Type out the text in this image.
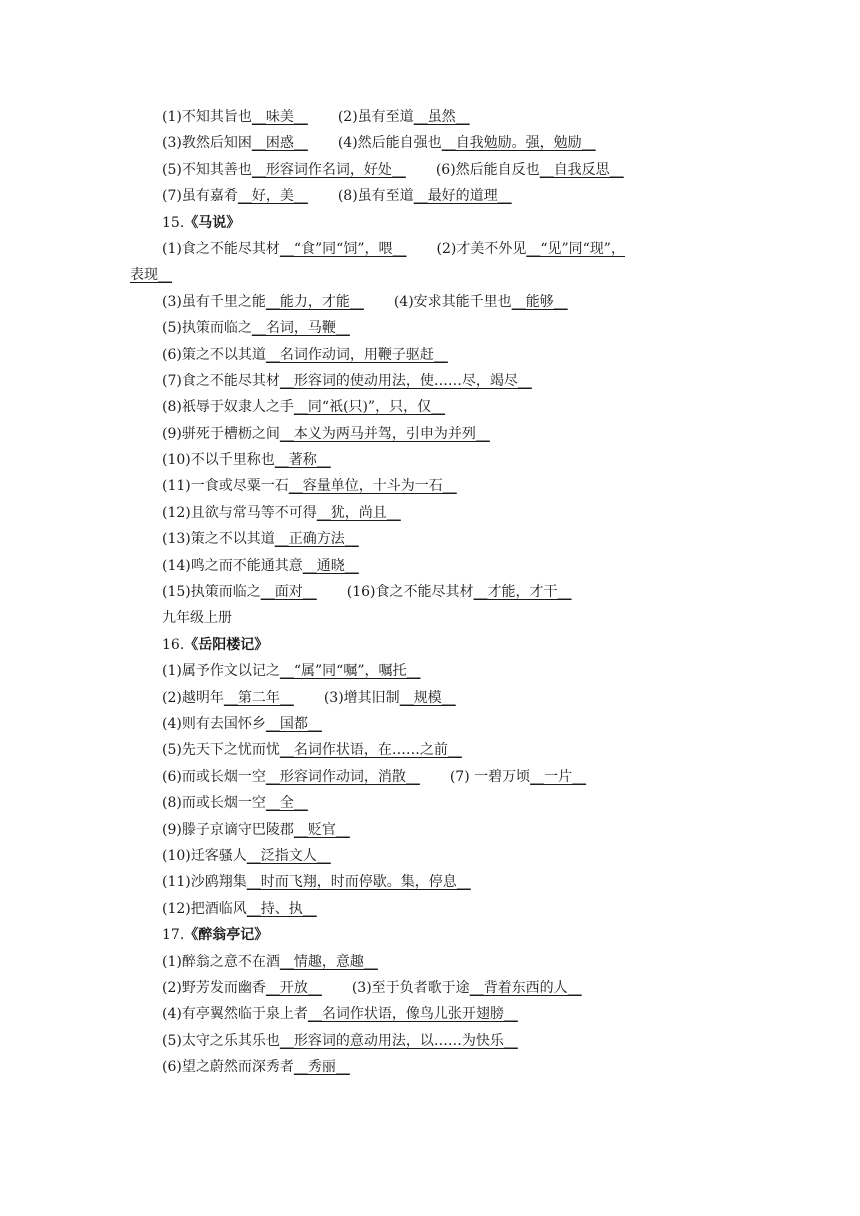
(1)不知其旨也__味美__ (2)虽有至道__虽然__
(3)教然后知困__困惑__ (4)然后能自强也__自我勉励。强，勉励__
(5)不知其善也__形容词作名词，好处__ (6)然后能自反也__自我反思__
(7)虽有嘉肴__好，美__ (8)虽有至道__最好的道理__
15.《马说》
(1)食之不能尽其材__“食”同“饲”，喂__ (2)才美不外见__“见”同“现”，
表现__
(3)虽有千里之能__能力，才能__ (4)安求其能千里也__能够__
(5)执策而临之__名词，马鞭__
(6)策之不以其道__名词作动词，用鞭子驱赶__
(7)食之不能尽其材__形容词的使动用法，使……尽，竭尽__
(8)祇辱于奴隶人之手__同“祇(只)”，只，仅__
(9)骈死于槽枥之间__本义为两马并驾，引申为并列__
(10)不以千里称也__著称__
(11)一食或尽粟一石__容量单位，十斗为一石__
(12)且欲与常马等不可得__犹，尚且__
(13)策之不以其道__正确方法__
(14)鸣之而不能通其意__通晓__
(15)执策而临之__面对__ (16)食之不能尽其材__才能，才干__
九年级上册
16.《岳阳楼记》
(1)属予作文以记之__“属”同“嘱”，嘱托__
(2)越明年__第二年__ (3)增其旧制__规模__
(4)则有去国怀乡__国都__
(5)先天下之忧而忧__名词作状语，在……之前__
(6)而或长烟一空__形容词作动词，消散__ (7) 一碧万顷__一片__
(8)而或长烟一空__全__
(9)滕子京谪守巴陵郡__贬官__
(10)迁客骚人__泛指文人__
(11)沙鸥翔集__时而飞翔，时而停歇。集，停息__
(12)把酒临风__持、执__
17.《醉翁亭记》
(1)醉翁之意不在酒__情趣，意趣__
(2)野芳发而幽香__开放__ (3)至于负者歌于途__背着东西的人__
(4)有亭翼然临于泉上者__名词作状语，像鸟儿张开翅膀__
(5)太守之乐其乐也__形容词的意动用法，以……为快乐__
(6)望之蔚然而深秀者__秀丽__
